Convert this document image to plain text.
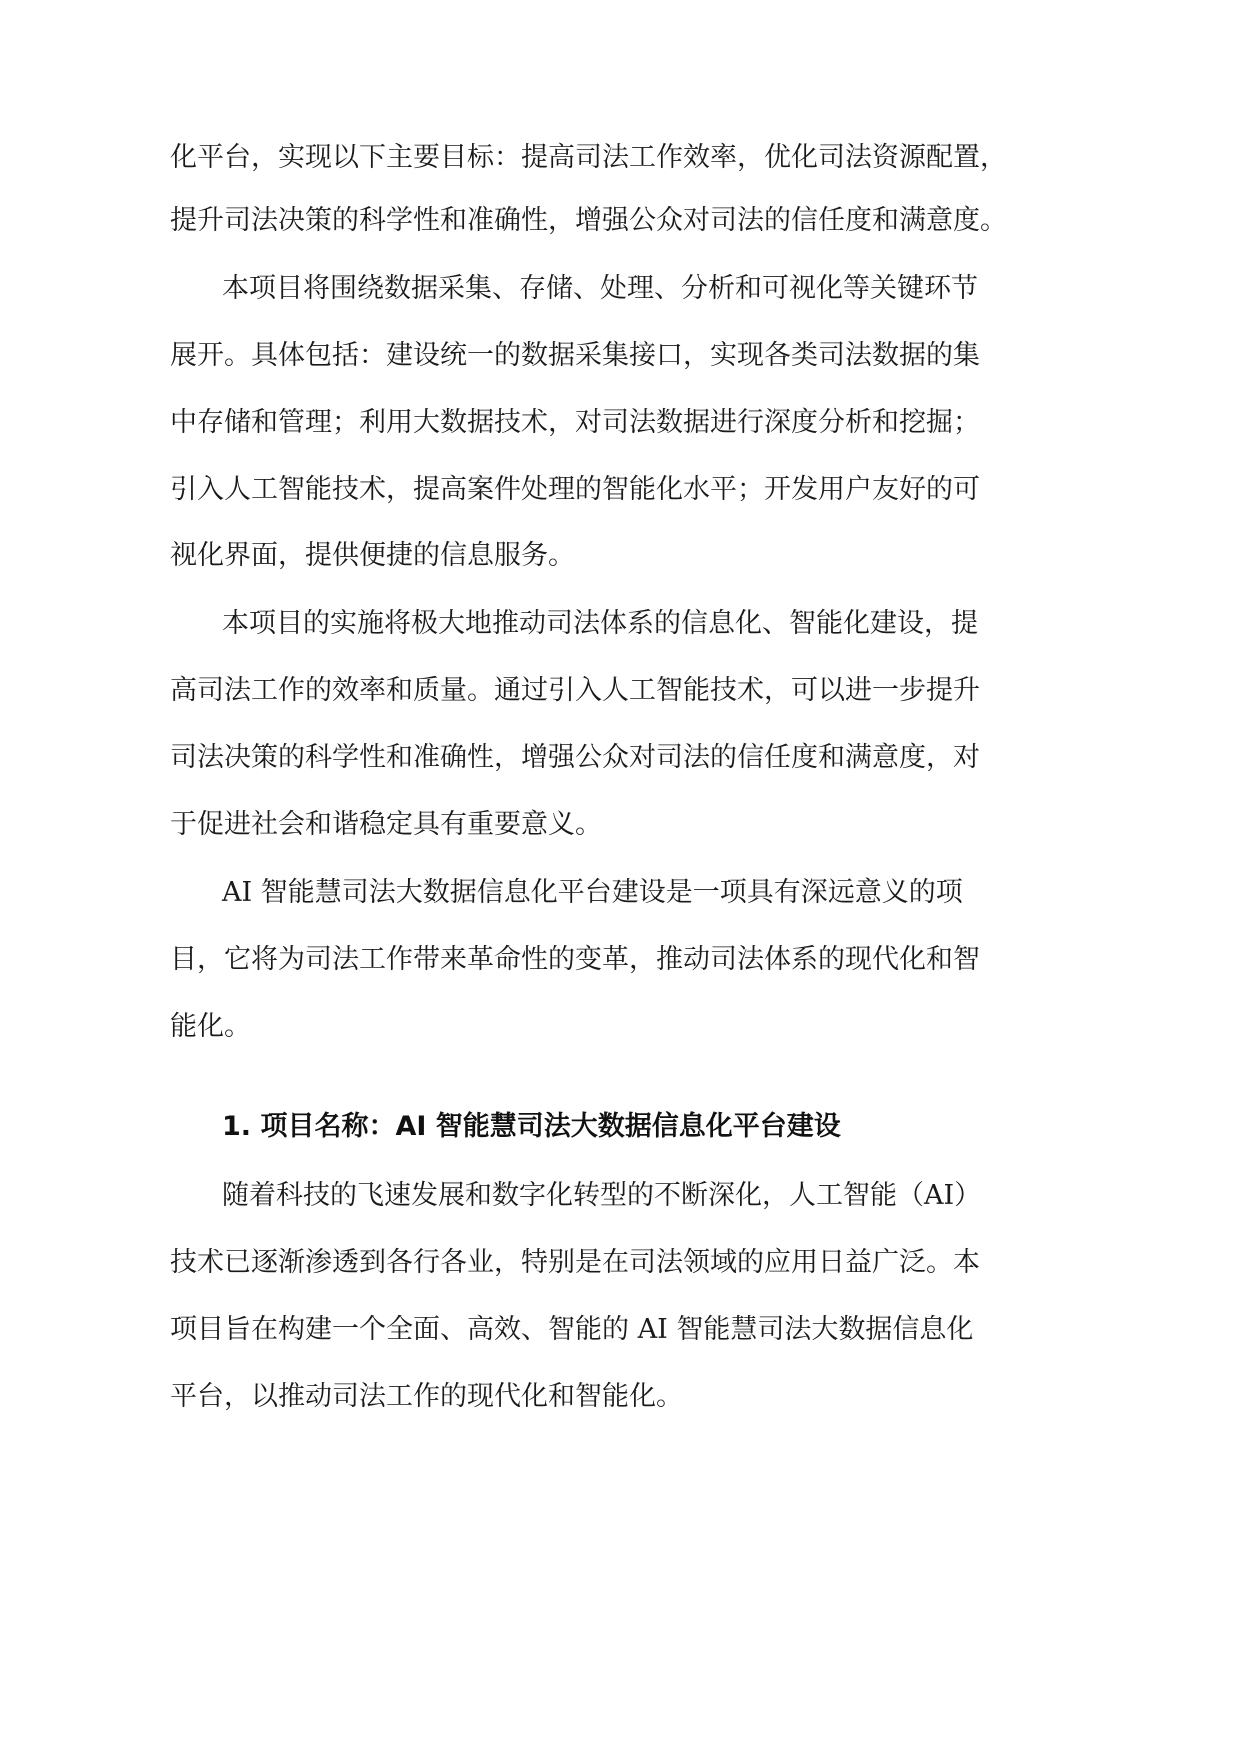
化平台，实现以下主要目标：提高司法工作效率，优化司法资源配置，
提升司法决策的科学性和准确性，增强公众对司法的信任度和满意度。
本项目将围绕数据采集、存储、处理、分析和可视化等关键环节
展开。具体包括：建设统一的数据采集接口，实现各类司法数据的集
中存储和管理；利用大数据技术，对司法数据进行深度分析和挖掘；
引入人工智能技术，提高案件处理的智能化水平；开发用户友好的可
视化界面，提供便捷的信息服务。
本项目的实施将极大地推动司法体系的信息化、智能化建设，提
高司法工作的效率和质量。通过引入人工智能技术，可以进一步提升
司法决策的科学性和准确性，增强公众对司法的信任度和满意度，对
于促进社会和谐稳定具有重要意义。
AI 智能慧司法大数据信息化平台建设是一项具有深远意义的项
目，它将为司法工作带来革命性的变革，推动司法体系的现代化和智
能化。
1. 项目名称：AI 智能慧司法大数据信息化平台建设
随着科技的飞速发展和数字化转型的不断深化，人工智能（AI）
技术已逐渐渗透到各行各业，特别是在司法领域的应用日益广泛。本
项目旨在构建一个全面、高效、智能的 AI 智能慧司法大数据信息化
平台，以推动司法工作的现代化和智能化。
